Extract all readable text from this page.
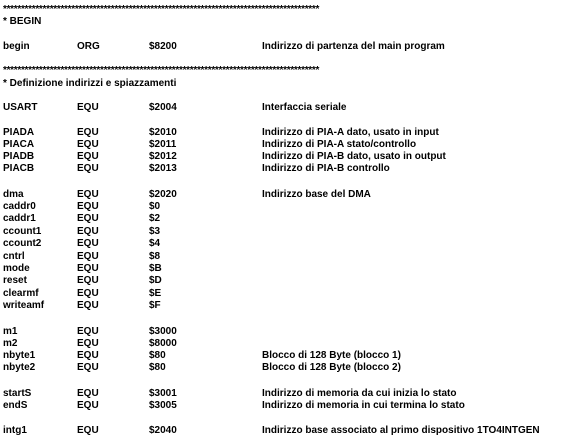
****************************************************************************************
* BEGIN
begin	ORG	$8200	Indirizzo di partenza del main program
****************************************************************************************
* Definizione indirizzi e spiazzamenti
USART	EQU	$2004	Interfaccia seriale
PIADA	EQU	$2010	Indirizzo di PIA-A dato, usato in input
PIACA	EQU	$2011	Indirizzo di PIA-A stato/controllo
PIADB	EQU	$2012	Indirizzo di PIA-B dato, usato in output
PIACB	EQU	$2013	Indirizzo di PIA-B controllo
dma	EQU	$2020	Indirizzo base del DMA
caddr0	EQU	$0
caddr1	EQU	$2
ccount1	EQU	$3
ccount2	EQU	$4
cntrl	EQU	$8
mode	EQU	$B
reset	EQU	$D
clearmf	EQU	$E
writeamf	EQU	$F
m1	EQU	$3000
m2	EQU	$8000
nbyte1	EQU	$80	Blocco di 128 Byte (blocco 1)
nbyte2	EQU	$80	Blocco di 128 Byte (blocco 2)
startS	EQU	$3001	Indirizzo di memoria da cui inizia lo stato
endS	EQU	$3005	Indirizzo di memoria in cui termina lo stato
intg1	EQU	$2040	Indirizzo base associato al primo dispositivo 1TO4INTGEN
